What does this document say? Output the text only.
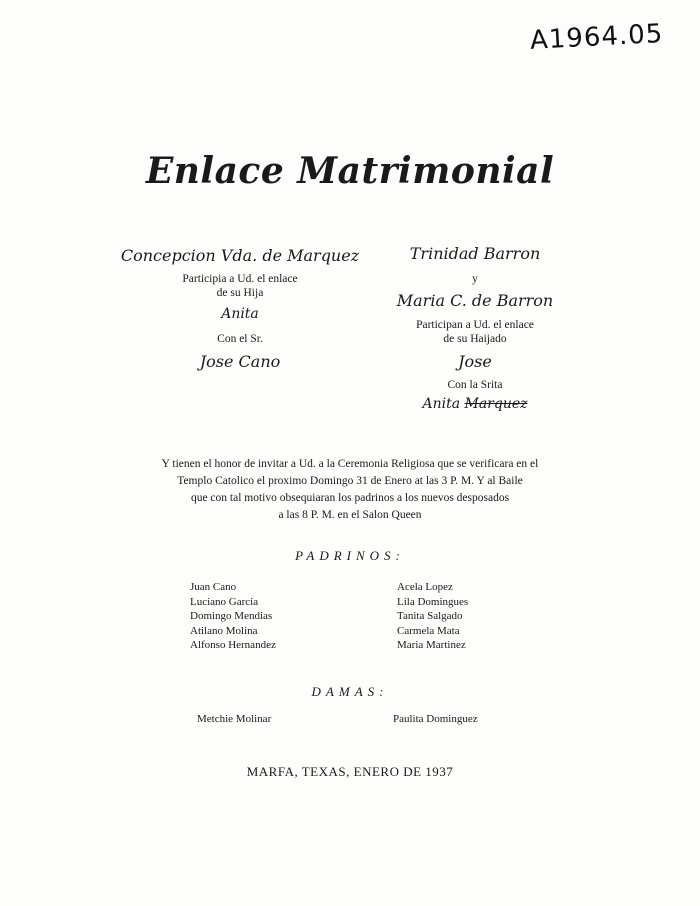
A1964.05
Enlace Matrimonial
Concepcion Vda. de Marquez
Participia a Ud. el enlace
de su Hija
Anita
Con el Sr.
Jose Cano
Trinidad Barron
y
Maria C. de Barron
Participan a Ud. el enlace
de su Haijado
Jose
Con la Srita
Anita Marquez
Y tienen el honor de invitar a Ud. a la Ceremonia Religiosa que se verificara en el
Templo Catolico el proximo Domingo 31 de Enero at las 3 P. M. Y al Baile
que con tal motivo obsequiaran los padrinos a los nuevos desposados
a las 8 P. M. en el Salon Queen
PADRINOS:
Juan Cano
Luciano Garcia
Domingo Mendias
Atilano Molina
Alfonso Hernandez
Acela Lopez
Lila Domingues
Tanita Salgado
Carmela Mata
Maria Martinez
DAMAS:
Metchie Molinar	Paulita Dominguez
MARFA, TEXAS, ENERO DE 1937
